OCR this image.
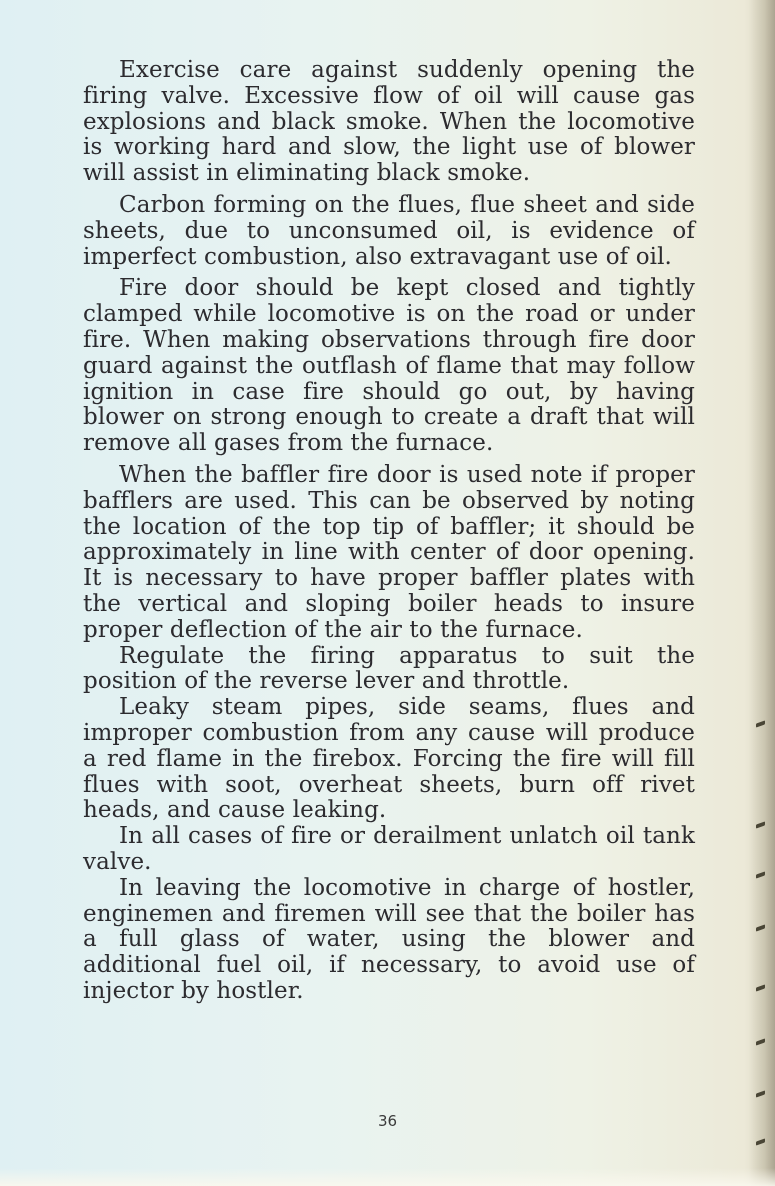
Exercise care against suddenly opening the firing valve. Excessive flow of oil will cause gas explosions and black smoke. When the locomotive is working hard and slow, the light use of blower will assist in eliminating black smoke.

Carbon forming on the flues, flue sheet and side sheets, due to unconsumed oil, is evidence of imperfect combustion, also extravagant use of oil.

Fire door should be kept closed and tightly clamped while locomotive is on the road or under fire. When making observations through fire door guard against the outflash of flame that may follow ignition in case fire should go out, by having blower on strong enough to create a draft that will remove all gases from the furnace.

When the baffler fire door is used note if proper bafflers are used. This can be observed by noting the location of the top tip of baffler; it should be approximately in line with center of door opening. It is necessary to have proper baffler plates with the vertical and sloping boiler heads to insure proper deflection of the air to the furnace.

Regulate the firing apparatus to suit the position of the reverse lever and throttle.

Leaky steam pipes, side seams, flues and improper combustion from any cause will produce a red flame in the firebox. Forcing the fire will fill flues with soot, overheat sheets, burn off rivet heads, and cause leaking.

In all cases of fire or derailment unlatch oil tank valve.

In leaving the locomotive in charge of hostler, enginemen and firemen will see that the boiler has a full glass of water, using the blower and additional fuel oil, if necessary, to avoid use of injector by hostler.

36
